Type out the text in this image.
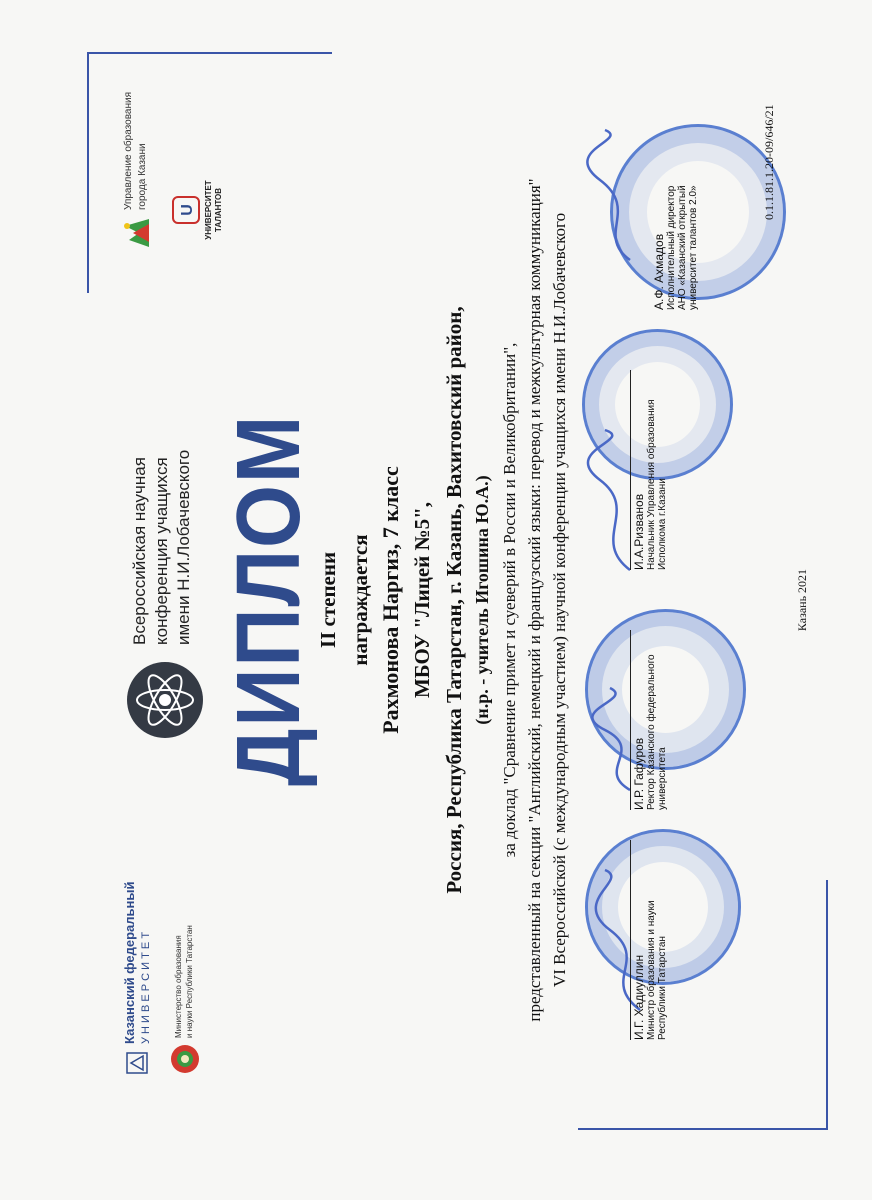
Казанский федеральный У Н И В Е Р С И Т Е Т	Министерство образования и науки Республики Татарстан
Всероссийская научная конференция учащихся имени Н.И.Лобачевского
U УНИВЕРСИТЕТ ТАЛАНТОВ
Управление образования города Казани
ДИПЛОМ
II степени награждается Рахмонова Наргиз, 7 класс МБОУ "Лицей №5", Россия, Республика Татарстан, г. Казань, Вахитовский район, (н.р. - учитель Игошина Ю.А.) за доклад "Сравнение примет и суеверий в России и Великобритании", представленный на секции "Английский, немецкий и французский языки: перевод и межкультурная коммуникация" VI Всероссийской (с международным участием) научной конференции учащихся имени Н.И.Лобачевского
И.Г. Хадиуллин Министр образования и науки Республики Татарстан
И.Р. Гафуров Ректор Казанского федерального университета
И.А.Ризванов Начальник Управления образования Исполкома г.Казани
А.Ф. Ахмадов Исполнительный директор АНО «Казанский открытый университет талантов 2.0»
Казань 2021
0.1.1.81.1.20-09/646/21
